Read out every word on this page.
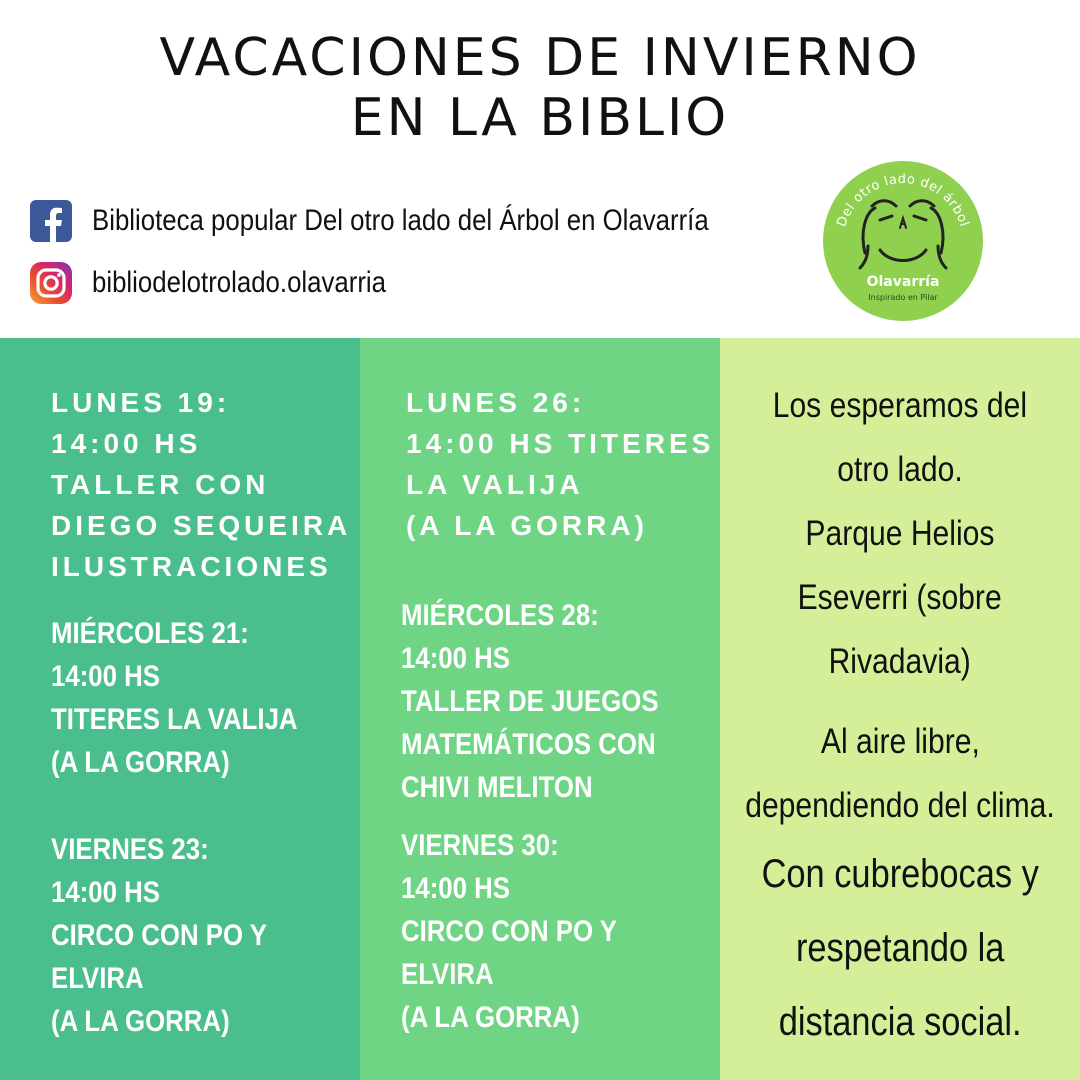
VACACIONES DE INVIERNO
EN LA BIBLIO
Biblioteca popular Del otro lado del Árbol en Olavarría
bibliodelotrolado.olavarria
Del otro lado del árbol
Olavarría
Inspirado en Pilar
LUNES 19:
14:00 HS
TALLER CON
DIEGO SEQUEIRA
ILUSTRACIONES
MIÉRCOLES 21:
14:00 HS
TITERES LA VALIJA
(A LA GORRA)
VIERNES 23:
14:00 HS
CIRCO CON PO Y
ELVIRA
(A LA GORRA)
LUNES 26:
14:00 HS TITERES
LA VALIJA
(A LA GORRA)
MIÉRCOLES 28:
14:00 HS
TALLER DE JUEGOS
MATEMÁTICOS CON
CHIVI MELITON
VIERNES 30:
14:00 HS
CIRCO CON PO Y
ELVIRA
(A LA GORRA)
Los esperamos del
otro lado.
Parque Helios
Eseverri (sobre
Rivadavia)
Al aire libre,
dependiendo del clima.
Con cubrebocas y
respetando la
distancia social.
